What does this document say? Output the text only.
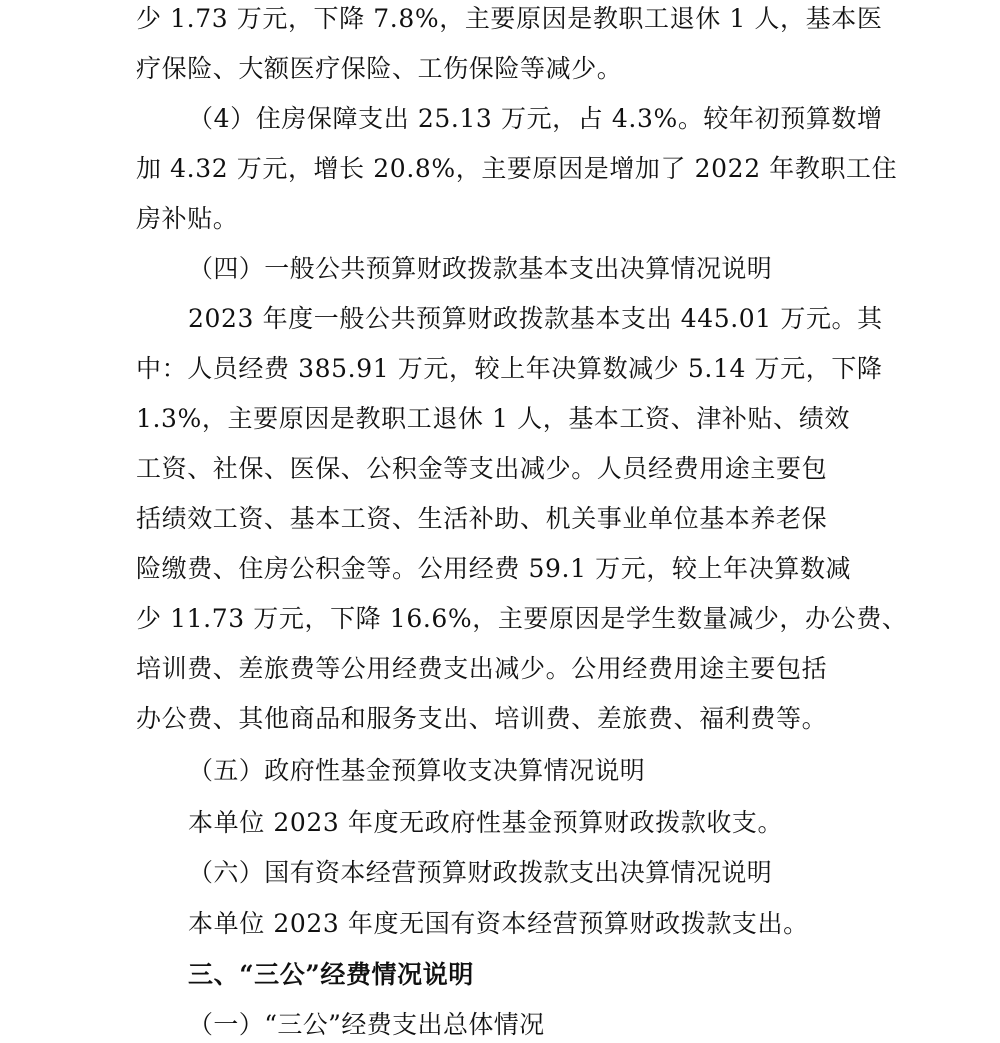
少 1.73 万元，下降 7.8%，主要原因是教职工退休 1 人，基本医
疗保险、大额医疗保险、工伤保险等减少。
（4）住房保障支出 25.13 万元，占 4.3%。较年初预算数增
加 4.32 万元，增长 20.8%，主要原因是增加了 2022 年教职工住
房补贴。
（四）一般公共预算财政拨款基本支出决算情况说明
2023 年度一般公共预算财政拨款基本支出 445.01 万元。其
中：人员经费 385.91 万元，较上年决算数减少 5.14 万元，下降
1.3%，主要原因是教职工退休 1 人，基本工资、津补贴、绩效
工资、社保、医保、公积金等支出减少。人员经费用途主要包
括绩效工资、基本工资、生活补助、机关事业单位基本养老保
险缴费、住房公积金等。公用经费 59.1 万元，较上年决算数减
少 11.73 万元，下降 16.6%，主要原因是学生数量减少，办公费、
培训费、差旅费等公用经费支出减少。公用经费用途主要包括
办公费、其他商品和服务支出、培训费、差旅费、福利费等。
（五）政府性基金预算收支决算情况说明
本单位 2023 年度无政府性基金预算财政拨款收支。
（六）国有资本经营预算财政拨款支出决算情况说明
本单位 2023 年度无国有资本经营预算财政拨款支出。
三、“三公”经费情况说明
（一）“三公”经费支出总体情况
